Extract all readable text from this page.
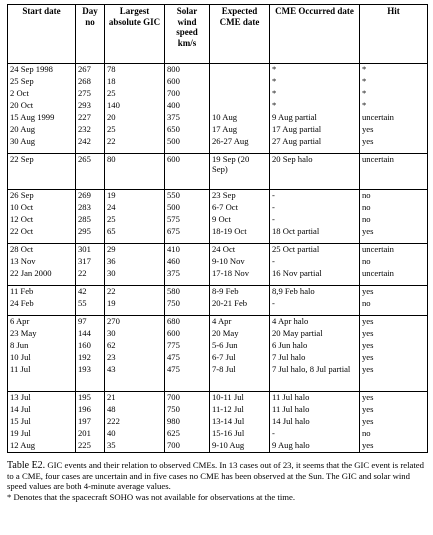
Start date	Day no	Largest absolute GIC	Solar wind speed km/s	Expected CME date	CME Occurred date	Hit
24 Sep 1998	267	78	800		*	*
25 Sep	268	18	600		*	*
2 Oct	275	25	700		*	*
20 Oct	293	140	400		*	*
15 Aug 1999	227	20	375	10 Aug	9 Aug partial	uncertain
20 Aug	232	25	650	17 Aug	17 Aug partial	yes
30 Aug	242	22	500	26-27 Aug	27 Aug partial	yes

22 Sep	265	80	600	19 Sep (20 Sep)	20 Sep halo	uncertain

26 Sep	269	19	550	23 Sep	-	no
10 Oct	283	24	500	6-7 Oct	-	no
12 Oct	285	25	575	9 Oct	-	no
22 Oct	295	65	675	18-19 Oct	18 Oct partial	yes

28 Oct	301	29	410	24 Oct	25 Oct partial	uncertain
13 Nov	317	36	460	9-10 Nov	-	no
22 Jan 2000	22	30	375	17-18 Nov	16 Nov partial	uncertain

11 Feb	42	22	580	8-9 Feb	8,9 Feb halo	yes
24 Feb	55	19	750	20-21 Feb	-	no

6 Apr	97	270	680	4 Apr	4 Apr halo	yes
23 May	144	30	600	20 May	20 May partial	yes
8 Jun	160	62	775	5-6 Jun	6 Jun halo	yes
10 Jul	192	23	475	6-7 Jul	7 Jul halo	yes
11 Jul	193	43	475	7-8 Jul	7 Jul halo, 8 Jul partial	yes

13 Jul	195	21	700	10-11 Jul	11 Jul halo	yes
14 Jul	196	48	750	11-12 Jul	11 Jul halo	yes
15 Jul	197	222	980	13-14 Jul	14 Jul halo	yes
19 Jul	201	40	625	15-16 Jul	-	no
12 Aug	225	35	700	9-10 Aug	9 Aug halo	yes
Table E2. GIC events and their relation to observed CMEs. In 13 cases out of 23, it seems that the GIC event is related to a CME, four cases are uncertain and in five cases no CME has been observed at the Sun. The GIC and solar wind speed values are both 4-minute average values.
* Denotes that the spacecraft SOHO was not available for observations at the time.
